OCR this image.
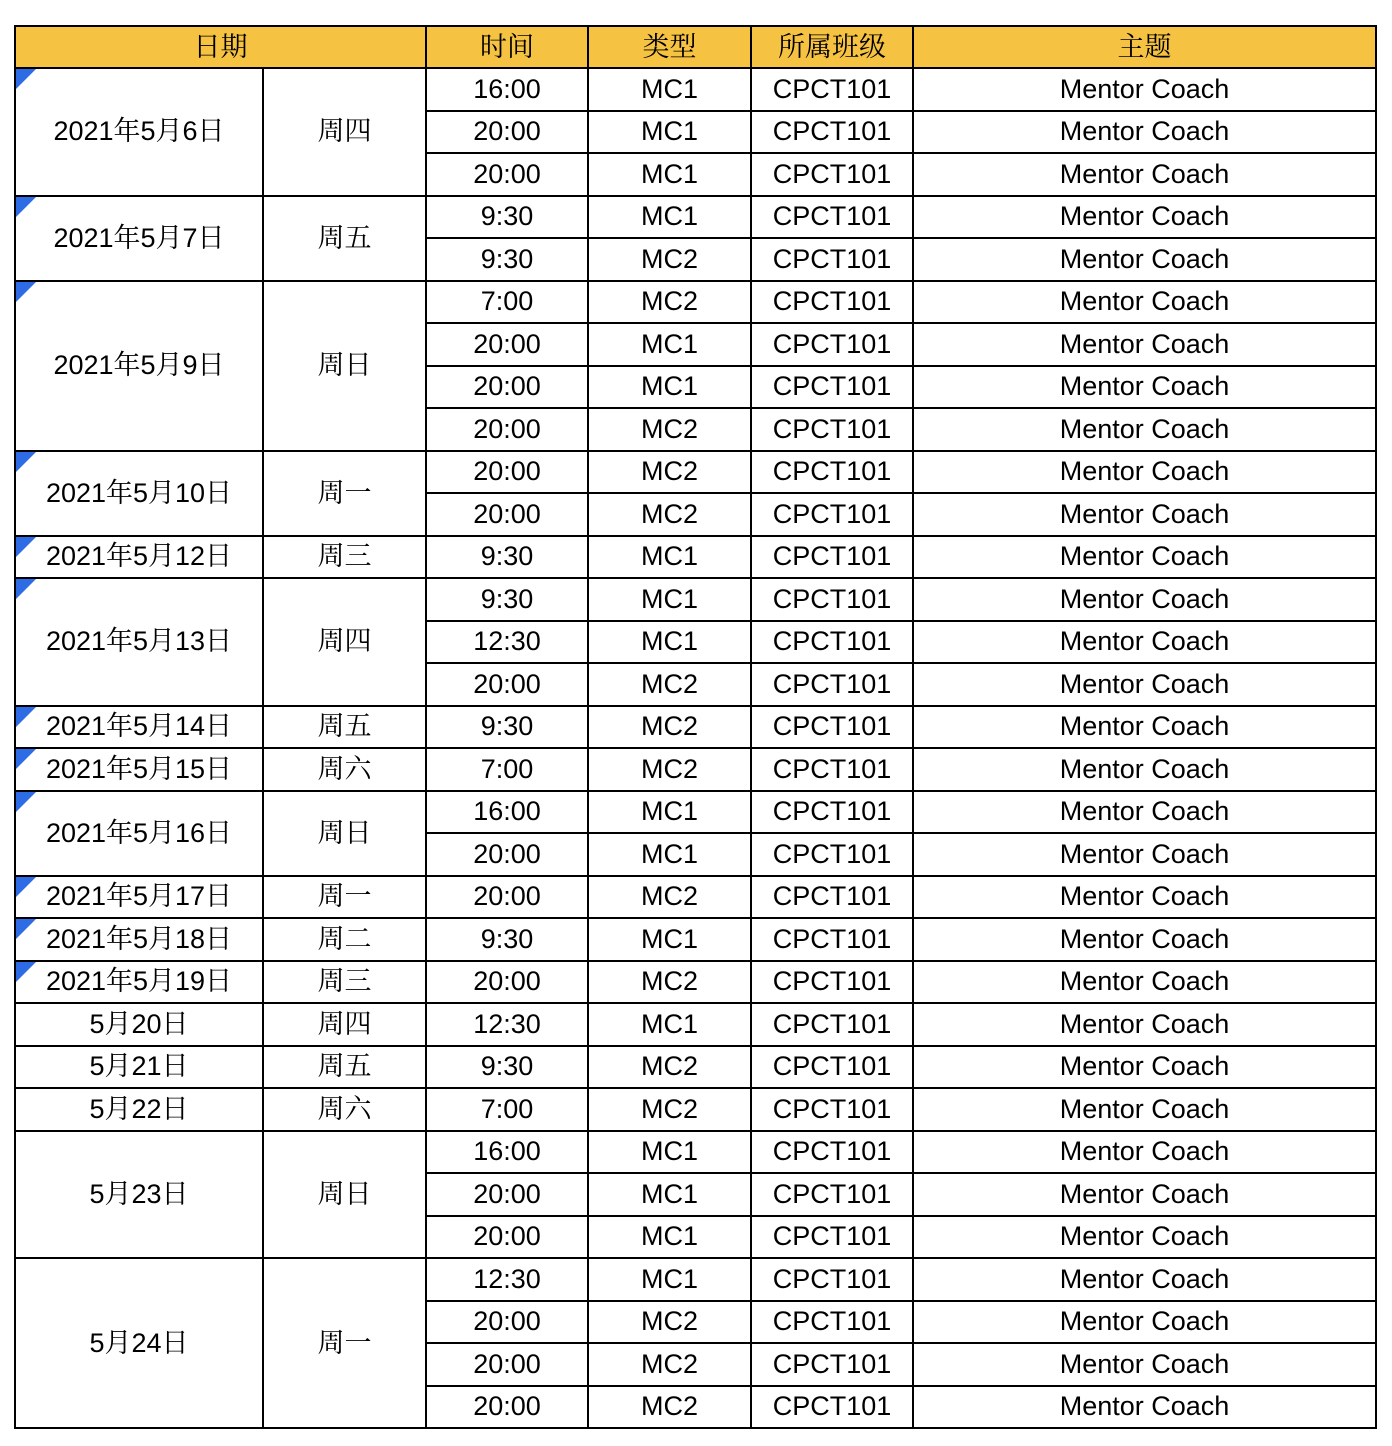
日期		时间	类型	所属班级	主题

2021年5月6日	周四	16:00	MC1	CPCT101	Mentor Coach
		20:00	MC1	CPCT101	Mentor Coach
		20:00	MC1	CPCT101	Mentor Coach

2021年5月7日	周五	9:30	MC1	CPCT101	Mentor Coach
		9:30	MC2	CPCT101	Mentor Coach

2021年5月9日	周日	7:00	MC2	CPCT101	Mentor Coach
		20:00	MC1	CPCT101	Mentor Coach
		20:00	MC1	CPCT101	Mentor Coach
		20:00	MC2	CPCT101	Mentor Coach

2021年5月10日	周一	20:00	MC2	CPCT101	Mentor Coach
		20:00	MC2	CPCT101	Mentor Coach

2021年5月12日	周三	9:30	MC1	CPCT101	Mentor Coach

2021年5月13日	周四	9:30	MC1	CPCT101	Mentor Coach
		12:30	MC1	CPCT101	Mentor Coach
		20:00	MC2	CPCT101	Mentor Coach

2021年5月14日	周五	9:30	MC2	CPCT101	Mentor Coach

2021年5月15日	周六	7:00	MC2	CPCT101	Mentor Coach

2021年5月16日	周日	16:00	MC1	CPCT101	Mentor Coach
		20:00	MC1	CPCT101	Mentor Coach

2021年5月17日	周一	20:00	MC2	CPCT101	Mentor Coach

2021年5月18日	周二	9:30	MC1	CPCT101	Mentor Coach

2021年5月19日	周三	20:00	MC2	CPCT101	Mentor Coach
5月20日	周四	12:30	MC1	CPCT101	Mentor Coach
5月21日	周五	9:30	MC2	CPCT101	Mentor Coach
5月22日	周六	7:00	MC2	CPCT101	Mentor Coach
5月23日	周日	16:00	MC1	CPCT101	Mentor Coach
		20:00	MC1	CPCT101	Mentor Coach
		20:00	MC1	CPCT101	Mentor Coach
5月24日	周一	12:30	MC1	CPCT101	Mentor Coach
		20:00	MC2	CPCT101	Mentor Coach
		20:00	MC2	CPCT101	Mentor Coach
		20:00	MC2	CPCT101	Mentor Coach
